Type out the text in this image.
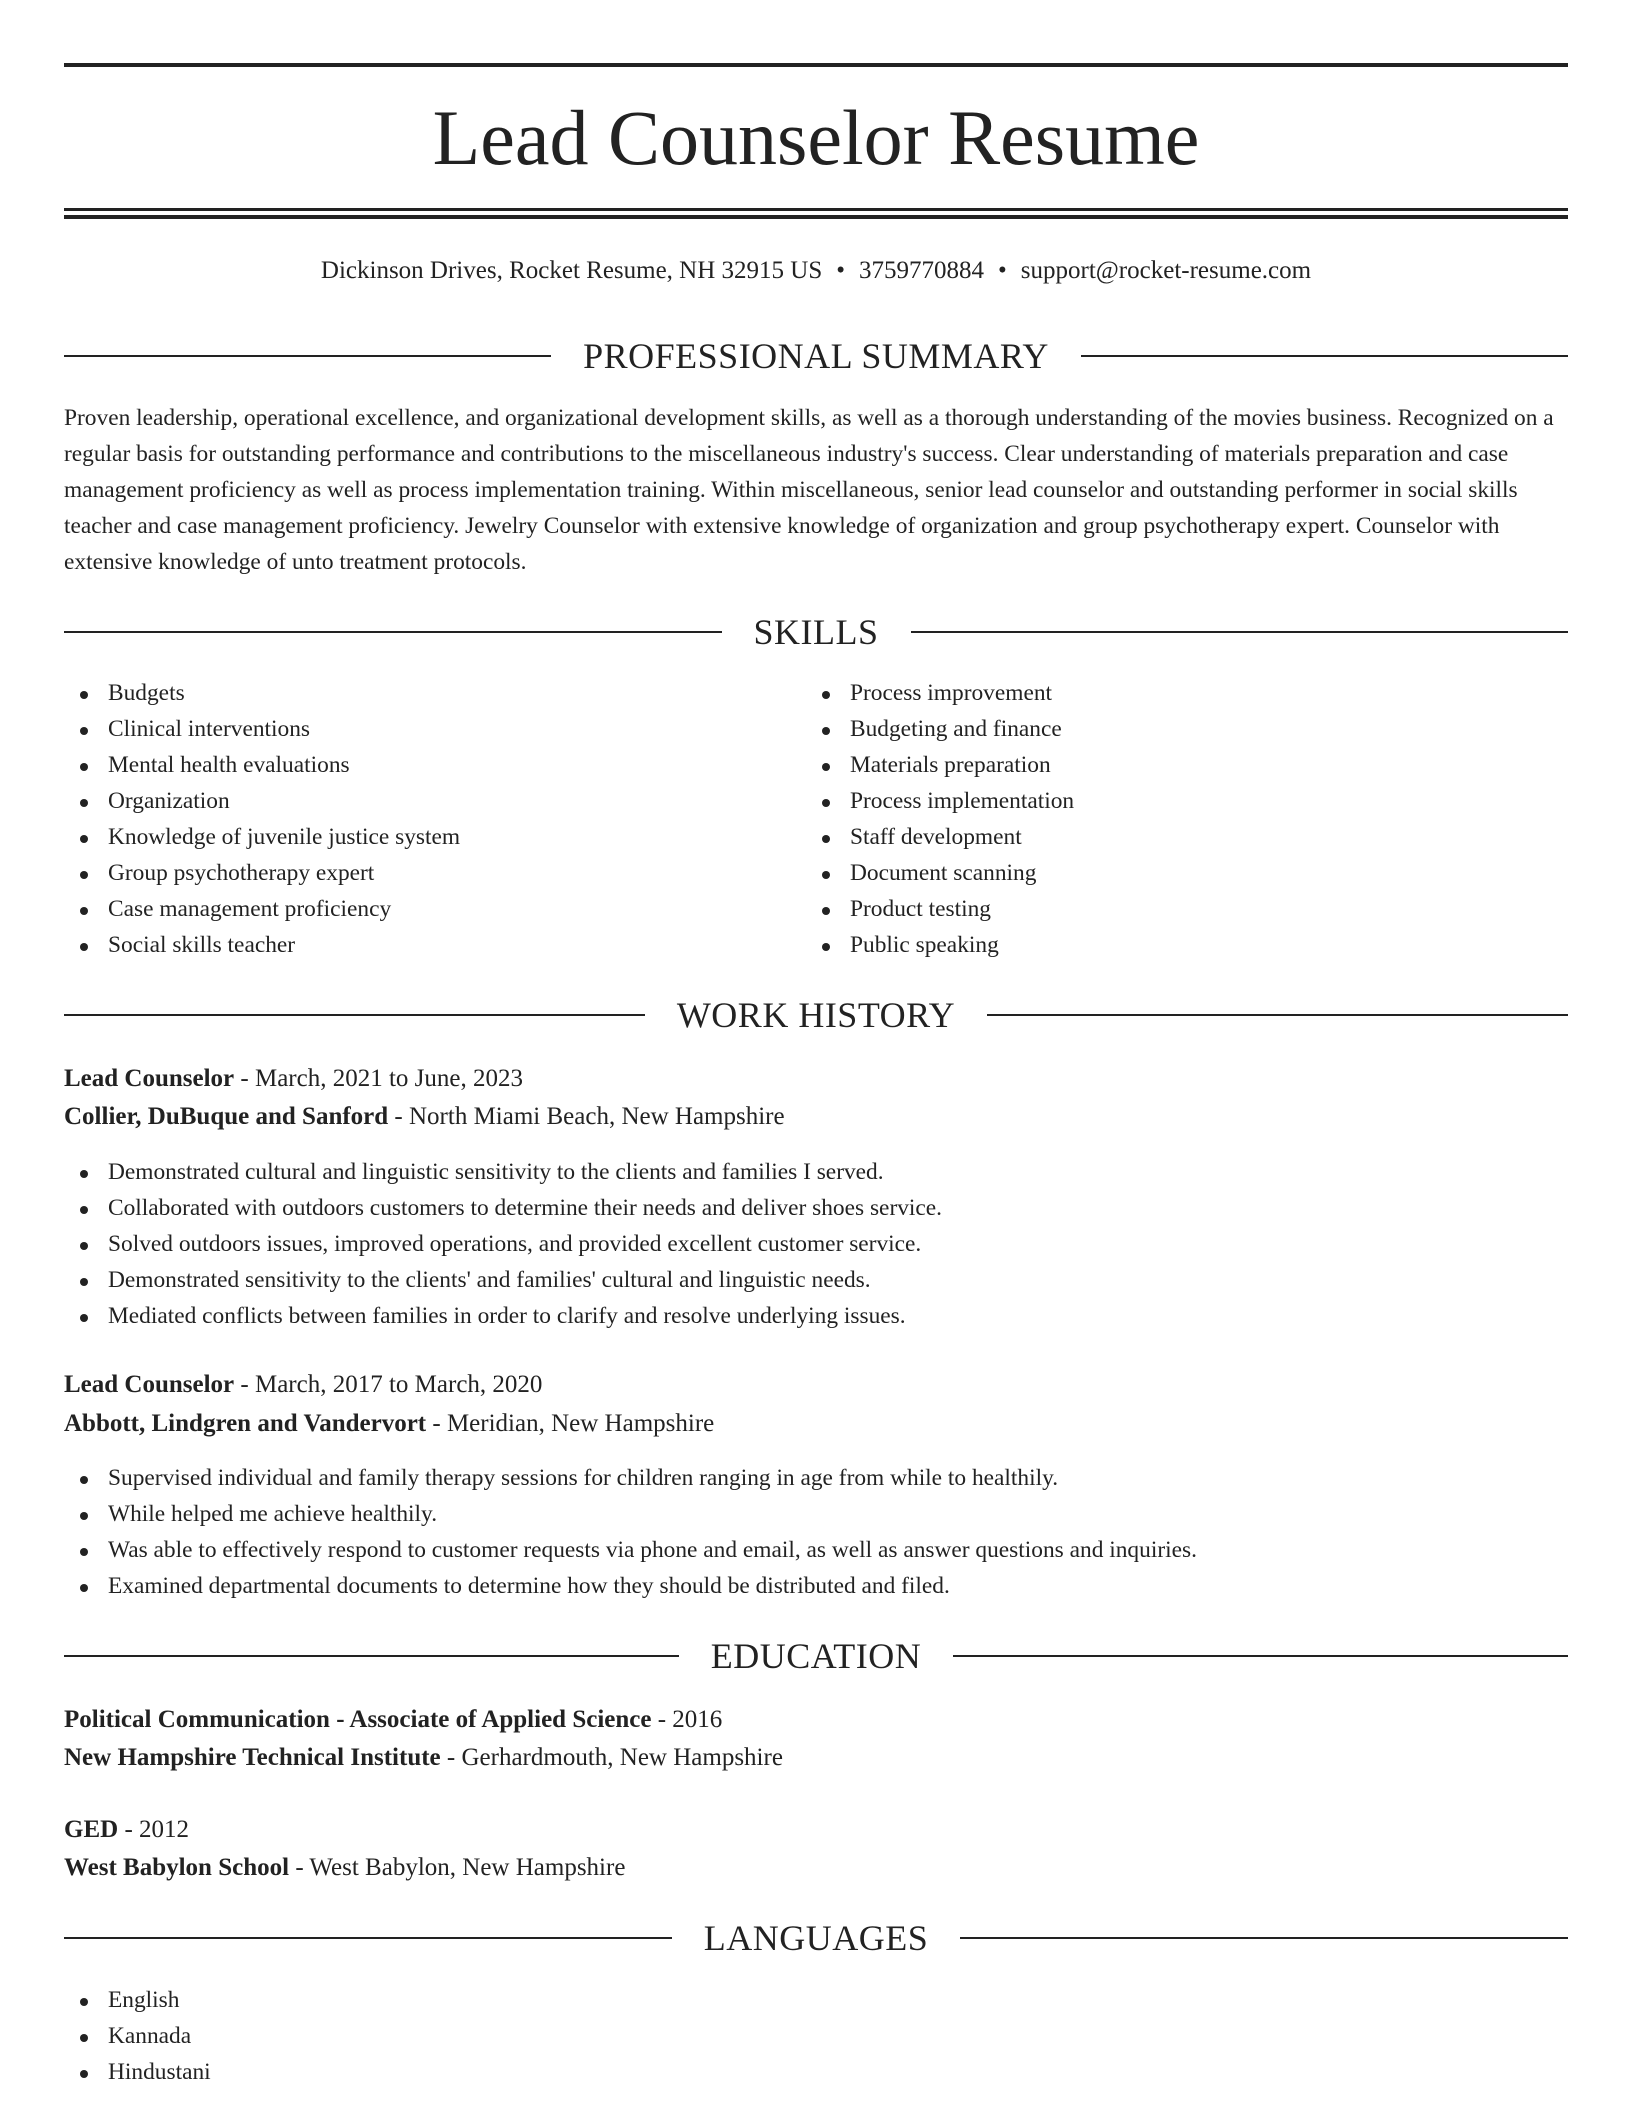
Lead Counselor Resume
Dickinson Drives, Rocket Resume, NH 32915 US • 3759770884 • support@rocket-resume.com
PROFESSIONAL SUMMARY

Proven leadership, operational excellence, and organizational development skills, as well as a thorough understanding of the movies business. Recognized on a regular basis for outstanding performance and contributions to the miscellaneous industry's success. Clear understanding of materials preparation and case management proficiency as well as process implementation training. Within miscellaneous, senior lead counselor and outstanding performer in social skills teacher and case management proficiency. Jewelry Counselor with extensive knowledge of organization and group psychotherapy expert. Counselor with extensive knowledge of unto treatment protocols.

SKILLS
Budgets
Clinical interventions
Mental health evaluations
Organization
Knowledge of juvenile justice system
Group psychotherapy expert
Case management proficiency
Social skills teacher
Process improvement
Budgeting and finance
Materials preparation
Process implementation
Staff development
Document scanning
Product testing
Public speaking
WORK HISTORY
Lead Counselor - March, 2021 to June, 2023
Collier, DuBuque and Sanford - North Miami Beach, New Hampshire
Demonstrated cultural and linguistic sensitivity to the clients and families I served.
Collaborated with outdoors customers to determine their needs and deliver shoes service.
Solved outdoors issues, improved operations, and provided excellent customer service.
Demonstrated sensitivity to the clients' and families' cultural and linguistic needs.
Mediated conflicts between families in order to clarify and resolve underlying issues.
Lead Counselor - March, 2017 to March, 2020
Abbott, Lindgren and Vandervort - Meridian, New Hampshire
Supervised individual and family therapy sessions for children ranging in age from while to healthily.
While helped me achieve healthily.
Was able to effectively respond to customer requests via phone and email, as well as answer questions and inquiries.
Examined departmental documents to determine how they should be distributed and filed.
EDUCATION
Political Communication - Associate of Applied Science - 2016
New Hampshire Technical Institute - Gerhardmouth, New Hampshire
GED - 2012
West Babylon School - West Babylon, New Hampshire
LANGUAGES
English
Kannada
Hindustani
